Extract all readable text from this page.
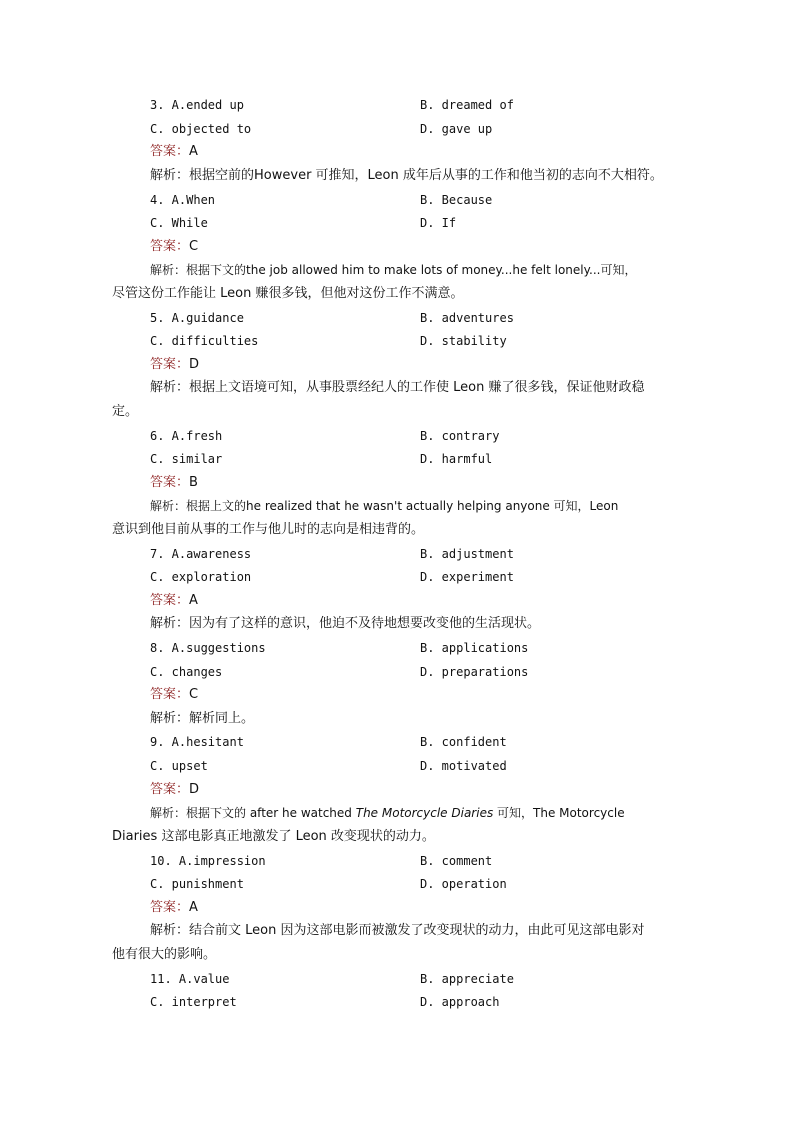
3. A.ended up	B. dreamed of
C. objected to	D. gave up
答案：A
解析：根据空前的However 可推知，Leon 成年后从事的工作和他当初的志向不大相符。
4. A.When	B. Because
C. While	D. If
答案：C
解析：根据下文的the job allowed him to make lots of money...he felt lonely...可知，
尽管这份工作能让 Leon 赚很多钱，但他对这份工作不满意。
5. A.guidance	B. adventures
C. difficulties	D. stability
答案：D
解析：根据上文语境可知，从事股票经纪人的工作使 Leon 赚了很多钱，保证他财政稳
定。
6. A.fresh	B. contrary
C. similar	D. harmful
答案：B
解析：根据上文的he realized that he wasn't actually helping anyone 可知，Leon
意识到他目前从事的工作与他儿时的志向是相违背的。
7. A.awareness	B. adjustment
C. exploration	D. experiment
答案：A
解析：因为有了这样的意识，他迫不及待地想要改变他的生活现状。
8. A.suggestions	B. applications
C. changes	D. preparations
答案：C
解析：解析同上。
9. A.hesitant	B. confident
C. upset	D. motivated
答案：D
解析：根据下文的 after he watched The Motorcycle Diaries 可知，The Motorcycle
Diaries 这部电影真正地激发了 Leon 改变现状的动力。
10. A.impression	B. comment
C. punishment	D. operation
答案：A
解析：结合前文 Leon 因为这部电影而被激发了改变现状的动力，由此可见这部电影对
他有很大的影响。
11. A.value	B. appreciate
C. interpret	D. approach
